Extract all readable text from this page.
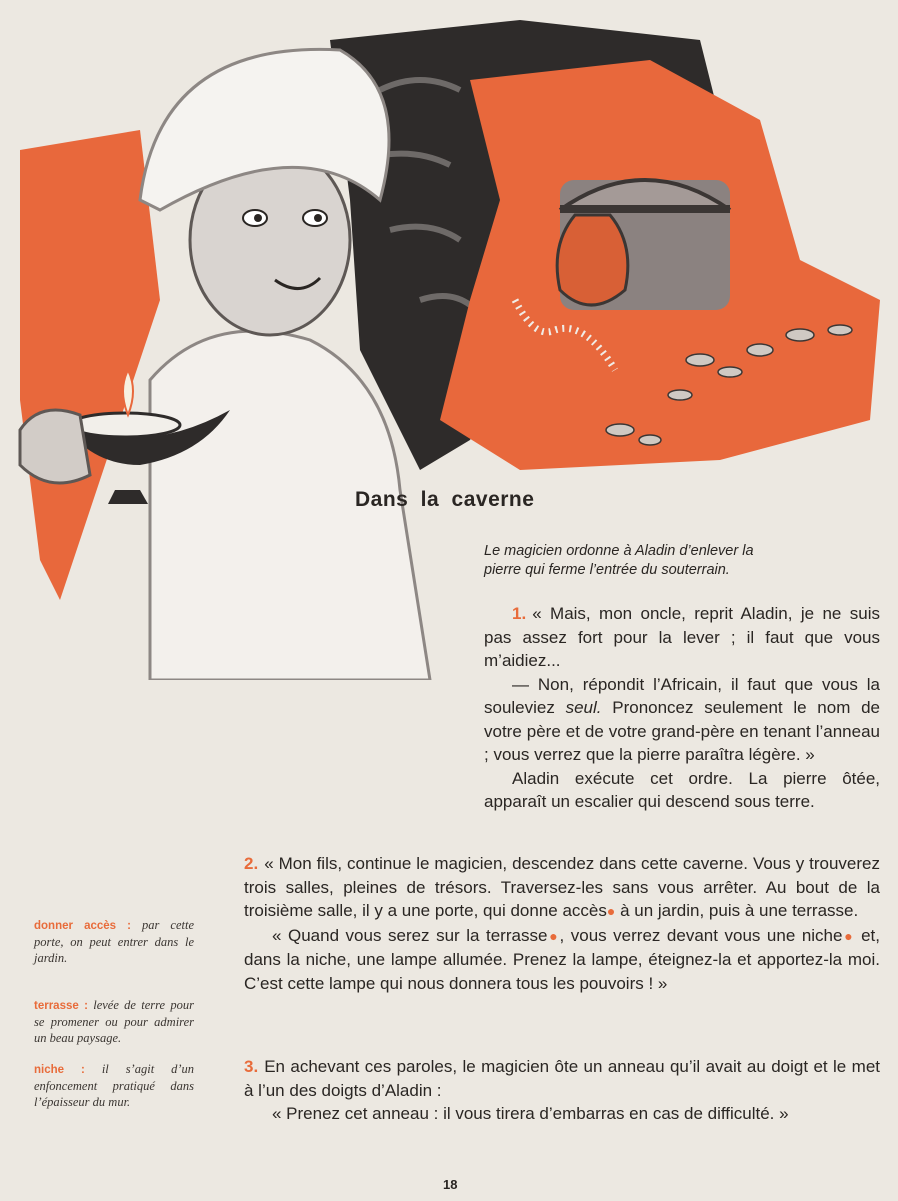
Dans la caverne
Le magicien ordonne à Aladin d’enlever la pierre qui ferme l’entrée du souterrain.

1. « Mais, mon oncle, reprit Aladin, je ne suis pas assez fort pour la lever ; il faut que vous m’aidiez...

— Non, répondit l’Africain, il faut que vous la souleviez seul. Prononcez seulement le nom de votre père et de votre grand-père en tenant l’anneau ; vous verrez que la pierre paraîtra légère. »

Aladin exécute cet ordre. La pierre ôtée, apparaît un escalier qui descend sous terre.

2. « Mon fils, continue le magicien, descendez dans cette caverne. Vous y trouverez trois salles, pleines de trésors. Traversez-les sans vous arrêter. Au bout de la troisième salle, il y a une porte, qui donne accès● à un jardin, puis à une terrasse.

« Quand vous serez sur la terrasse●, vous verrez devant vous une niche● et, dans la niche, une lampe allumée. Prenez la lampe, éteignez-la et apportez-la moi. C’est cette lampe qui nous donnera tous les pouvoirs ! »

3. En achevant ces paroles, le magicien ôte un anneau qu’il avait au doigt et le met à l’un des doigts d’Aladin :

« Prenez cet anneau : il vous tirera d’embarras en cas de difficulté. »

donner accès : par cette porte, on peut entrer dans le jardin.
terrasse : levée de terre pour se promener ou pour admirer un beau paysage.
niche : il s’agit d’un enfoncement pratiqué dans l’épaisseur du mur.
18
